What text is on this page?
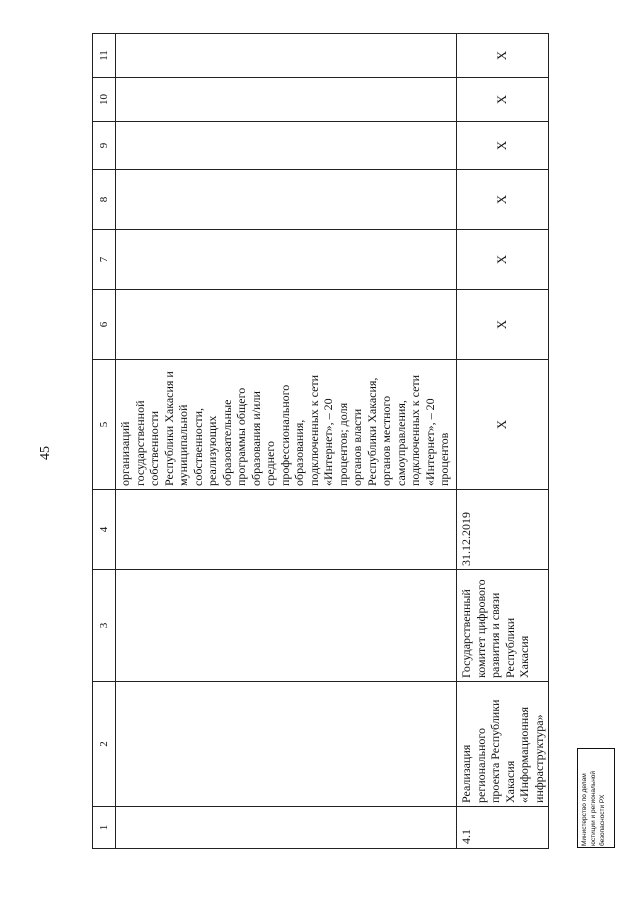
45
1	2	3	4	5	6	7	8	9	10	11
				организаций государственной собственности Республики Хакасия и муниципальной собственности, реализующих образовательные программы общего образования и/или среднего профессионального образования, подключенных к сети «Интернет», – 20 процентов; доля органов власти Республики Хакасия, органов местного самоуправления, подключенных к сети «Интернет», – 20 процентов						
4.1	Реализация регионального проекта Республики Хакасия «Информационная инфраструктура»	Государственный комитет цифрового развития и связи Республики Хакасия	31.12.2019	Х	Х	Х	Х	Х	Х	Х
Министерство по делам юстиции и региональной безопасности РХ
